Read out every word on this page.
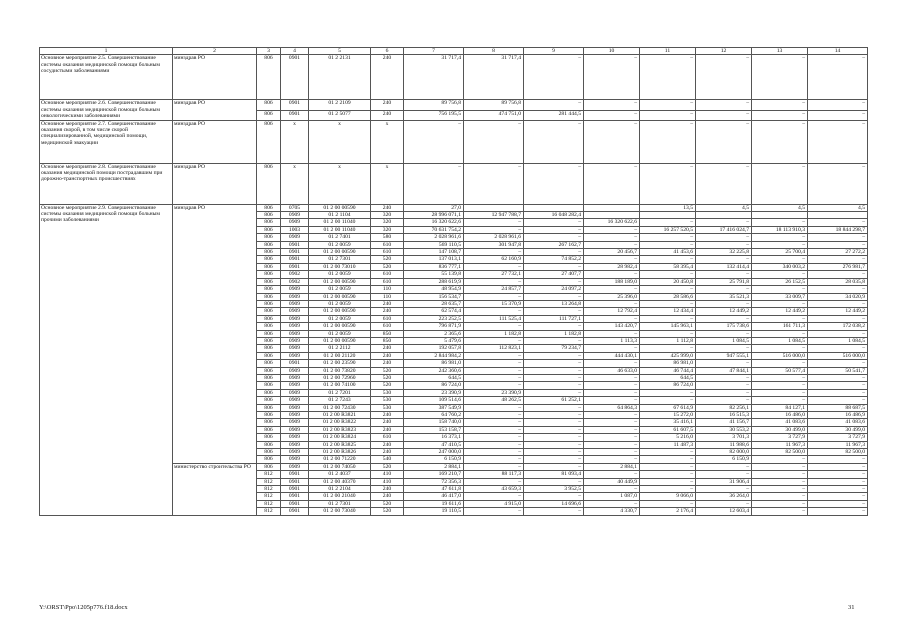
1	2	3	4	5	6	7	8	9	10	11	12	13	14
Основное мероприятие 2.5. Совершенствование системы оказания медицинской помощи больным сосудистыми заболеваниями	минздрав РО	806	0901	01 2 2131	240	31 717,4	31 717,4	–	–	–	–	–	–
Основное мероприятие 2.6. Совершенствование системы оказания медицинской помощи больным онкологическими заболеваниями	минздрав РО	806	0901	01 2 2109	240	89 756,8	89 756,8	–	–	–	–	–	–
		806	0901	01 2 5077	240	756 195,5	474 751,0	281 444,5	–	–	–	–	–
Основное мероприятие 2.7. Совершенствование оказания скорой, в том числе скорой специализированной, медицинской помощи, медицинской эвакуации	минздрав РО	806	x	x	x	–	–	–	–	–	–	–	–
Основное мероприятие 2.8. Совершенствование оказания медицинской помощи пострадавшим при дорожно-транспортных происшествиях	минздрав РО	806	x	x	x	–	–	–	–	–	–	–	–
Основное мероприятие 2.9. Совершенствование системы оказания медицинской помощи больным прочими заболеваниями	минздрав РО	806	0705	01 2 00 00590	240	27,0				13,5	4,5	4,5	4,5
		806	0909	01 2 1104	320	28 996 071,1	12 947 788,7	16 048 282,4					
		806	0909	01 2 00 11040	320	16 320 622,6	–	–	16 320 622,6	–	–	–	–
		806	1003	01 2 00 11040	320	70 631 754,2	–	–	–	16 257 520,5	17 416 024,7	18 113 910,3	18 844 298,7
		806	0909	01 2 7401	580	2 028 961,6	2 028 961,6	–	–	–	–	–	–
		806	0901	01 2 0059	610	569 110,5	301 947,8	267 162,7	–	–	–	–	–
		806	0901	01 2 00 00590	610	147 108,7	–	–	20 456,7	41 453,6	32 225,8	25 700,4	27 272,2
		806	0901	01 2 7301	520	137 013,1	62 160,9	74 852,2	–	–	–	–	–
		806	0901	01 2 00 73010	520	836 777,1	–	–	28 982,4	58 395,4	132 414,4	340 003,2	276 981,7
		806	0902	01 2 0059	610	55 139,8	27 732,1	27 407,7	–	–	–	–	–
		806	0902	01 2 00 00590	610	288 619,9	–	–	188 189,0	20 450,8	25 791,8	26 152,5	28 035,8
		806	0909	01 2 0059	110	48 954,9	24 857,7	24 097,2	–	–	–	–	–
		806	0909	01 2 00 00590	110	156 534,7	–	–	25 396,0	28 586,6	35 521,3	33 009,7	34 020,9
		806	0909	01 2 0059	240	28 635,7	15 370,9	13 264,8	–	–	–	–	–
		806	0909	01 2 00 00590	240	62 574,4	–	–	12 792,4	12 434,4	12 449,2	12 449,2	12 449,2
		806	0909	01 2 0059	610	223 252,5	111 525,4	111 727,1	–	–	–	–	–
		806	0909	01 2 00 00590	610	796 871,9	–	–	143 420,7	145 963,1	175 738,6	161 711,3	172 038,2
		806	0909	01 2 0059	850	2 365,6	1 182,8	1 182,8	–	–	–	–	–
		806	0909	01 2 00 00590	850	5 479,6	–	–	1 113,3	1 112,8	1 084,5	1 084,5	1 084,5
		806	0909	01 2 2112	240	192 057,8	112 823,1	79 234,7	–	–	–	–	–
		806	0909	01 2 00 21120	240	2 844 984,2	–	–	444 430,1	425 999,0	947 555,1	516 000,0	516 000,0
		806	0901	01 2 00 23590	240	86 981,0	–	–	–	86 981,0	–	–	–
		806	0909	01 2 00 73820	520	242 360,6	–	–	46 633,0	46 744,4	47 844,1	50 577,4	50 541,7
		806	0909	01 2 00 72960	520	644,5	–	–	–	644,5	–	–	–
		806	0909	01 2 00 74100	520	86 724,0	–	–	–	86 724,0	–	–	–
		806	0909	01 2 7201	530	23 390,9	23 390,9	–	–	–	–	–	–
		806	0909	01 2 7243	530	109 514,6	48 262,5	61 252,1	–	–	–	–	–
		806	0909	01 2 00 72430	530	387 549,9	–	–	64 864,3	67 614,9	82 256,1	84 127,1	88 687,5
		806	0909	01 2 00 R3821	240	64 760,2	–	–	–	15 272,0	16 515,3	16 486,0	16 486,9
		806	0909	01 2 00 R3822	240	158 740,0	–	–	–	35 416,1	41 156,7	41 083,6	41 083,6
		806	0909	01 2 00 R3823	240	153 158,7	–	–	–	61 607,5	30 553,2	30 499,0	30 499,0
		806	0909	01 2 00 R3824	610	16 373,1	–	–	–	5 216,0	3 701,3	3 727,9	3 727,9
		806	0909	01 2 00 R3825	240	47 410,5	–	–	–	11 487,3	11 988,6	11 967,3	11 967,3
		806	0909	01 2 00 R3826	240	247 000,0	–	–	–	–	82 000,0	82 500,0	82 500,0
		806	0909	01 2 00 71220	540	6 150,9	–	–	–	–	6 150,9	–	–
	министерство строительства РО	806	0909	01 2 00 74050	520	2 884,1	–	–	2 884,1	–	–	–	–
		812	0901	01 2 4037	410	169 210,7	88 117,3	81 093,4	–	–	–	–	–
		812	0901	01 2 00 40370	410	72 356,3	–	–	40 449,9	–	31 906,4	–	–
		812	0901	01 2 2104	240	47 611,8	43 659,3	3 952,5	–	–	–	–	–
		812	0901	01 2 00 21040	240	46 417,0	–	–	1 087,0	9 066,0	36 264,0	–	–
		812	0901	01 2 7301	520	19 611,6	4 915,0	14 696,6	–	–	–	–	–
		812	0901	01 2 00 73040	520	19 110,5	–	–	4 330,7	2 176,4	12 603,4	–	–
Y:\ORST\Ppo\1205p776.f18.docx	31
